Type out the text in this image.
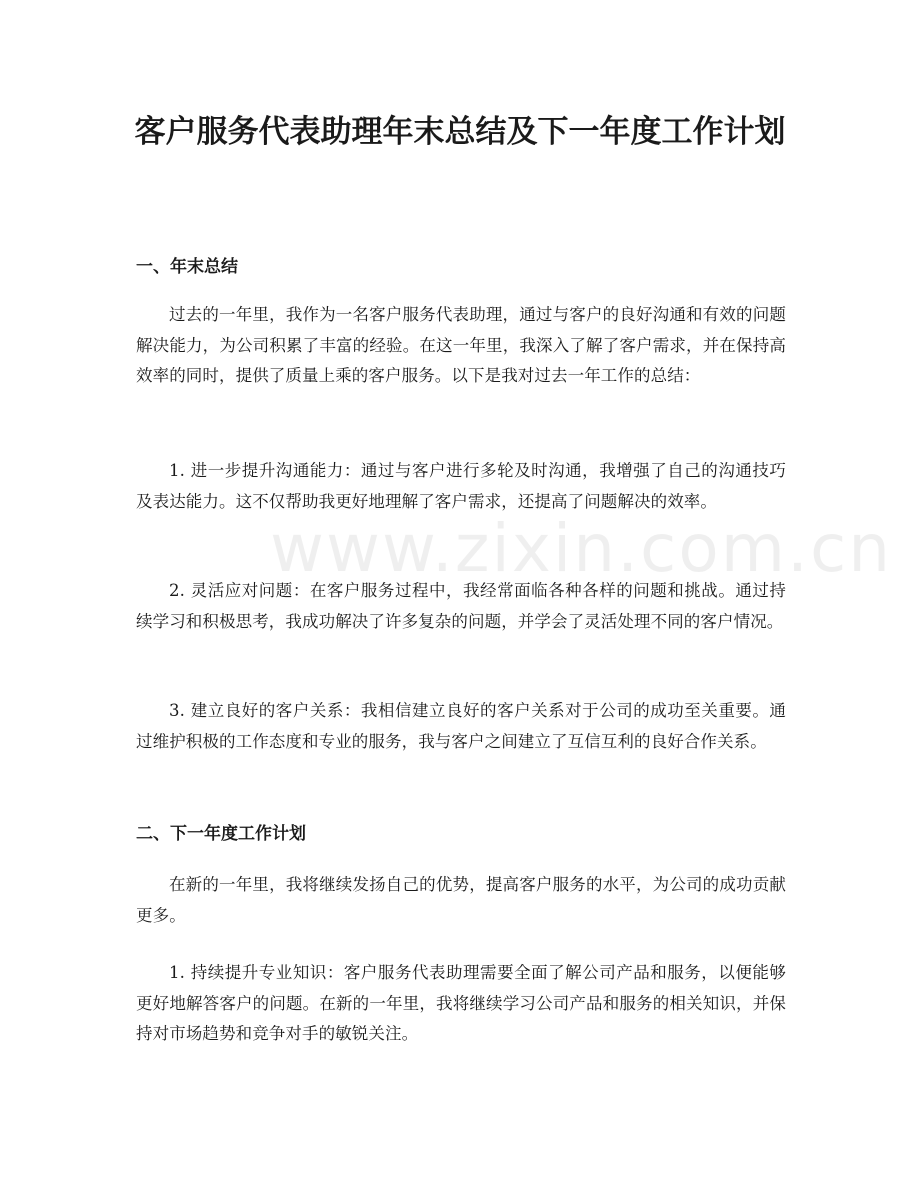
www.zixin.com.cn
客户服务代表助理年末总结及下一年度工作计划
一、年末总结

过去的一年里，我作为一名客户服务代表助理，通过与客户的良好沟通和有效的问题解决能力，为公司积累了丰富的经验。在这一年里，我深入了解了客户需求，并在保持高效率的同时，提供了质量上乘的客户服务。以下是我对过去一年工作的总结：

1. 进一步提升沟通能力：通过与客户进行多轮及时沟通，我增强了自己的沟通技巧及表达能力。这不仅帮助我更好地理解了客户需求，还提高了问题解决的效率。

2. 灵活应对问题：在客户服务过程中，我经常面临各种各样的问题和挑战。通过持续学习和积极思考，我成功解决了许多复杂的问题，并学会了灵活处理不同的客户情况。

3. 建立良好的客户关系：我相信建立良好的客户关系对于公司的成功至关重要。通过维护积极的工作态度和专业的服务，我与客户之间建立了互信互利的良好合作关系。

二、下一年度工作计划

在新的一年里，我将继续发扬自己的优势，提高客户服务的水平，为公司的成功贡献更多。

1. 持续提升专业知识：客户服务代表助理需要全面了解公司产品和服务，以便能够更好地解答客户的问题。在新的一年里，我将继续学习公司产品和服务的相关知识，并保持对市场趋势和竞争对手的敏锐关注。
